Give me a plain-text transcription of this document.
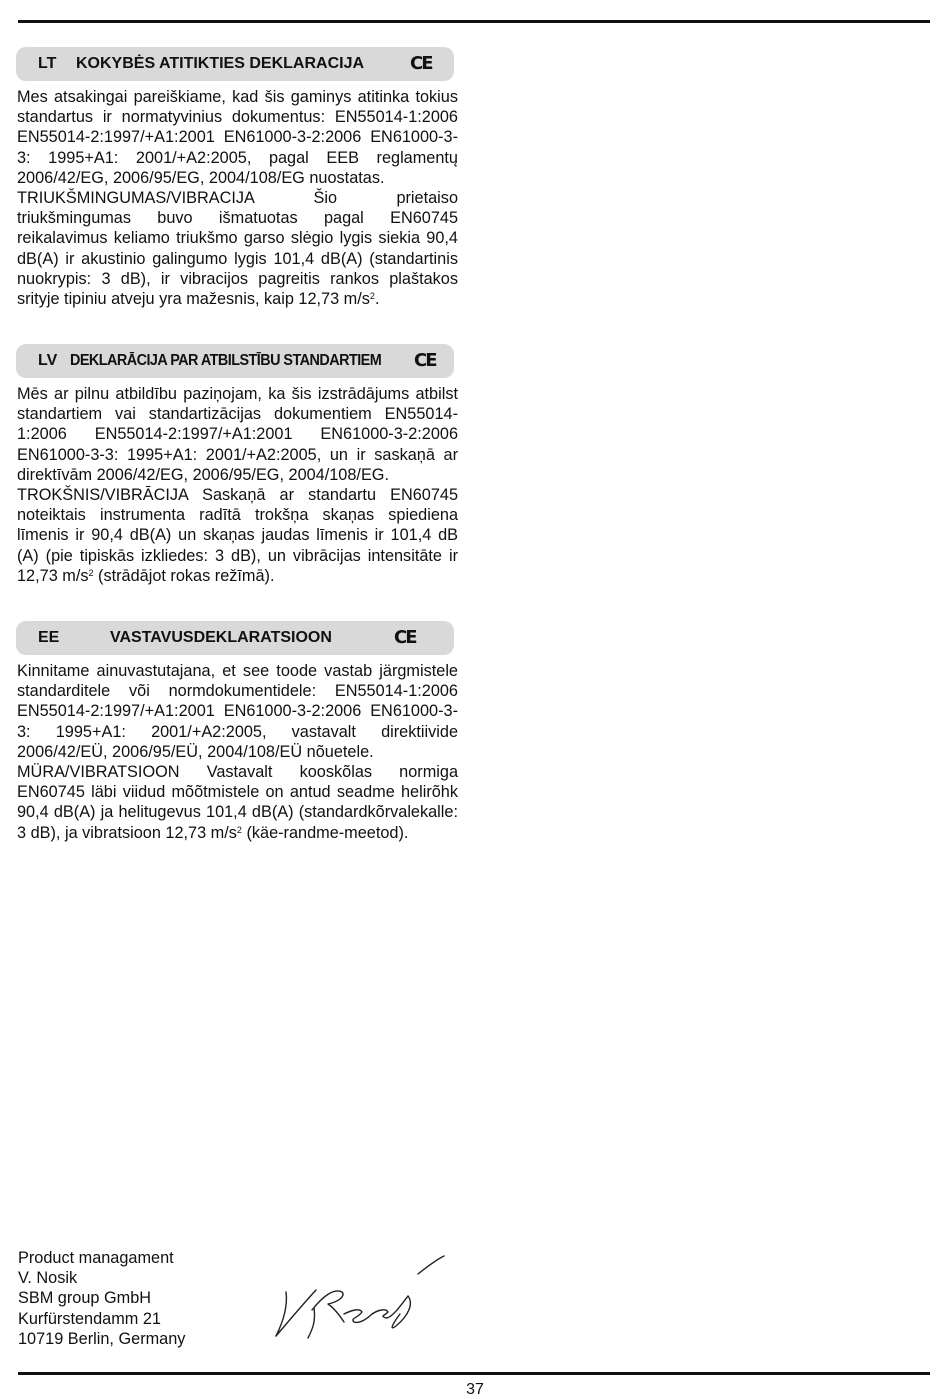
LT KOKYBĖS ATITIKTIES DEKLARACIJA	CE

Mes atsakingai pareiškiame, kad šis gaminys atitinka tokius standartus ir normatyvinius dokumentus: EN55014-1:2006 EN55014-2:1997/+A1:2001 EN61000-3-2:2006 EN61000-3-3: 1995+A1: 2001/+A2:2005, pagal EEB reglamentų 2006/42/EG, 2006/95/EG, 2004/108/EG nuostatas.

TRIUKŠMINGUMAS/VIBRACIJA Šio prietaiso triukšmingumas buvo išmatuotas pagal EN60745 reikalavimus keliamo triukšmo garso slėgio lygis siekia 90,4 dB(A) ir akustinio galingumo lygis 101,4 dB(A) (standartinis nuokrypis: 3 dB), ir vibracijos pagreitis rankos plaštakos srityje tipiniu atveju yra mažesnis, kaip 12,73 $m/s^2$.

LV DEKLARĀCIJA PAR ATBILSTĪBU STANDARTIEM CE

Mēs ar pilnu atbildību paziņojam, ka šis izstrādājums atbilst standartiem vai standartizācijas dokumentiem EN55014-1:2006 EN55014-2:1997/+A1:2001 EN61000-3-2:2006 EN61000-3-3: 1995+A1: 2001/+A2:2005, un ir saskaņā ar direktīvām 2006/42/EG, 2006/95/EG, 2004/108/EG.

TROKŠNIS/VIBRĀCIJA Saskaņā ar standartu EN60745 noteiktais instrumenta radītā trokšņa skaņas spiediena līmenis ir 90,4 dB(A) un skaņas jaudas līmenis ir 101,4 dB (A) (pie tipiskās izkliedes: 3 dB), un vibrācijas intensitāte ir 12,73 $m/s^2$ (strādājot rokas režīmā).

EE	VASTAVUSDEKLARATSIOON	CE

Kinnitame ainuvastutajana, et see toode vastab järgmistele standarditele või normdokumentidele: EN55014-1:2006 EN55014-2:1997/+A1:2001 EN61000-3-2:2006 EN61000-3-3: 1995+A1: 2001/+A2:2005, vastavalt direktiivide 2006/42/EÜ, 2006/95/EÜ, 2004/108/EÜ nõuetele.

MÜRA/VIBRATSIOON Vastavalt kooskõlas normiga EN60745 läbi viidud mõõtmistele on antud seadme helirõhk 90,4 dB(A) ja helitugevus 101,4 dB(A) (standardkõrvalekalle: 3 dB), ja vibratsioon 12,73 $m/s^2$ (käe-randme-meetod).

Product managament
V. Nosik
SBM group GmbH
Kurfürstendamm 21
10719 Berlin, Germany
37
